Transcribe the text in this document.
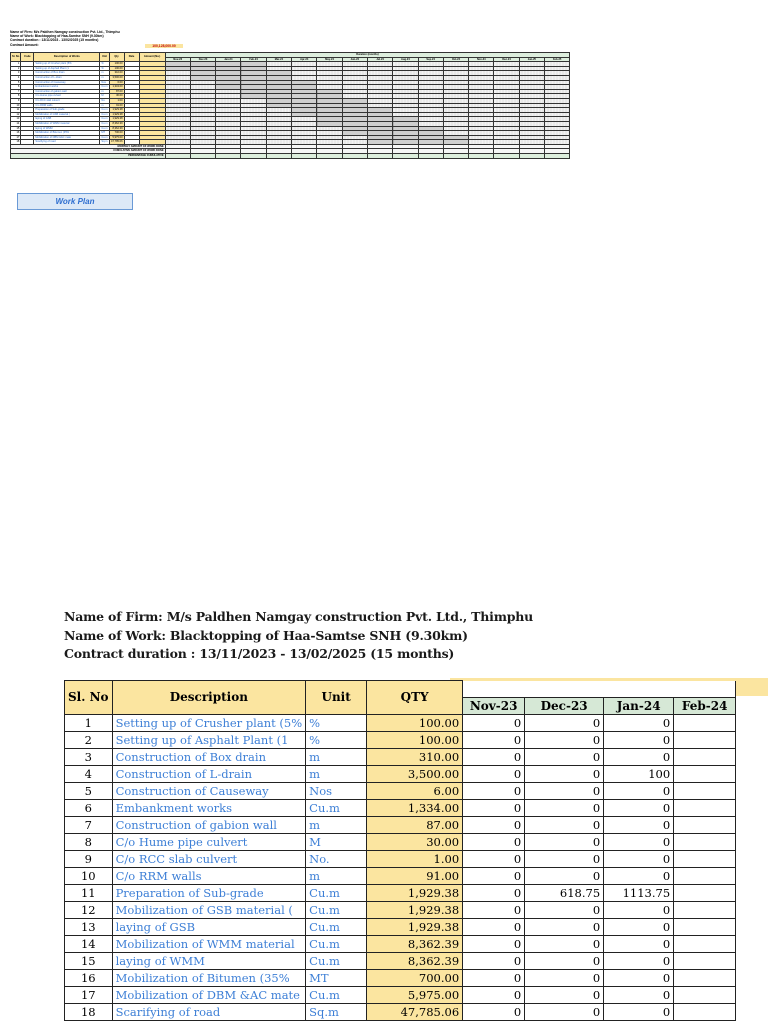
Name of Firm: M/s Paldhen Namgay construction Pvt. Ltd., Thimphu
Name of Work: Blacktopping of Haa-Samtse SNH (9.30km)
Contract duration : 13/11/2023 - 13/02/2025 (15 months)
Contract Amount:	100,128,000.00
Sl. No	Code	Description of Works	Unit	Qty	Rate	Amount (Nu.)	Duration (months)															
							Nov-23	Dec-23	Jan-24	Feb-24	Mar-24	Apr-24	May-24	Jun-24	Jul-24	Aug-24	Sep-24	Oct-24	Nov-24	Dec-24	Jan-25	Feb-25
1		Setting up of Crusher plant (5%	%	100.00																		
2		Setting up of Asphalt Plant (1	%	100.00																		
3		Construction of Box drain	m	310.00																		
4		Construction of L-drain	m	3,500.00																		
5		Construction of Causeway	Nos	6.00																		
6		Embankment works	Cu.m	1,334.00																		
7		Construction of gabion wall	m	87.00																		
8		C/o Hume pipe culvert	M	30.00																		
9		C/o RCC slab culvert	No.	1.00																		
10		C/o RRM walls	m	91.00																		
11		Preparation of Sub-grade	Cu.m	1,929.38																		
12		Mobilization of GSB material (	Cu.m	1,929.38																		
13		laying of GSB	Cu.m	1,929.38																		
14		Mobilization of WMM material	Cu.m	8,362.39																		
15		laying of WMM	Cu.m	8,362.39																		
16		Mobilization of Bitumen (35%	MT	700.00																		
17		Mobilization of DBM &AC mate	Cu.m	5,975.00																		
18		Scarifying of road	Sq.m	47,785.06																		
MONTHLY AMOUNT OF WORK DONE																						
CUMULATIVE AMOUNT OF WORK DONE																						
PERCENTAGE CUMULATIVE																						
Work Plan
Name of Firm: M/s Paldhen Namgay construction Pvt. Ltd., Thimphu
Name of Work: Blacktopping of Haa-Samtse SNH (9.30km)
Contract duration : 13/11/2023 - 13/02/2025 (15 months)
Sl. No	Description	Unit	QTY				
				Nov-23	Dec-23	Jan-24	Feb-24
1	Setting up of Crusher plant (5%	%	100.00	0	0	0	
2	Setting up of Asphalt Plant (1	%	100.00	0	0	0	
3	Construction of Box drain	m	310.00	0	0	0	
4	Construction of L-drain	m	3,500.00	0	0	100	
5	Construction of Causeway	Nos	6.00	0	0	0	
6	Embankment works	Cu.m	1,334.00	0	0	0	
7	Construction of gabion wall	m	87.00	0	0	0	
8	C/o Hume pipe culvert	M	30.00	0	0	0	
9	C/o RCC slab culvert	No.	1.00	0	0	0	
10	C/o RRM walls	m	91.00	0	0	0	
11	Preparation of Sub-grade	Cu.m	1,929.38	0	618.75	1113.75	
12	Mobilization of GSB material (	Cu.m	1,929.38	0	0	0	
13	laying of GSB	Cu.m	1,929.38	0	0	0	
14	Mobilization of WMM material	Cu.m	8,362.39	0	0	0	
15	laying of WMM	Cu.m	8,362.39	0	0	0	
16	Mobilization of Bitumen (35%	MT	700.00	0	0	0	
17	Mobilization of DBM &AC mate	Cu.m	5,975.00	0	0	0	
18	Scarifying of road	Sq.m	47,785.06	0	0	0	
